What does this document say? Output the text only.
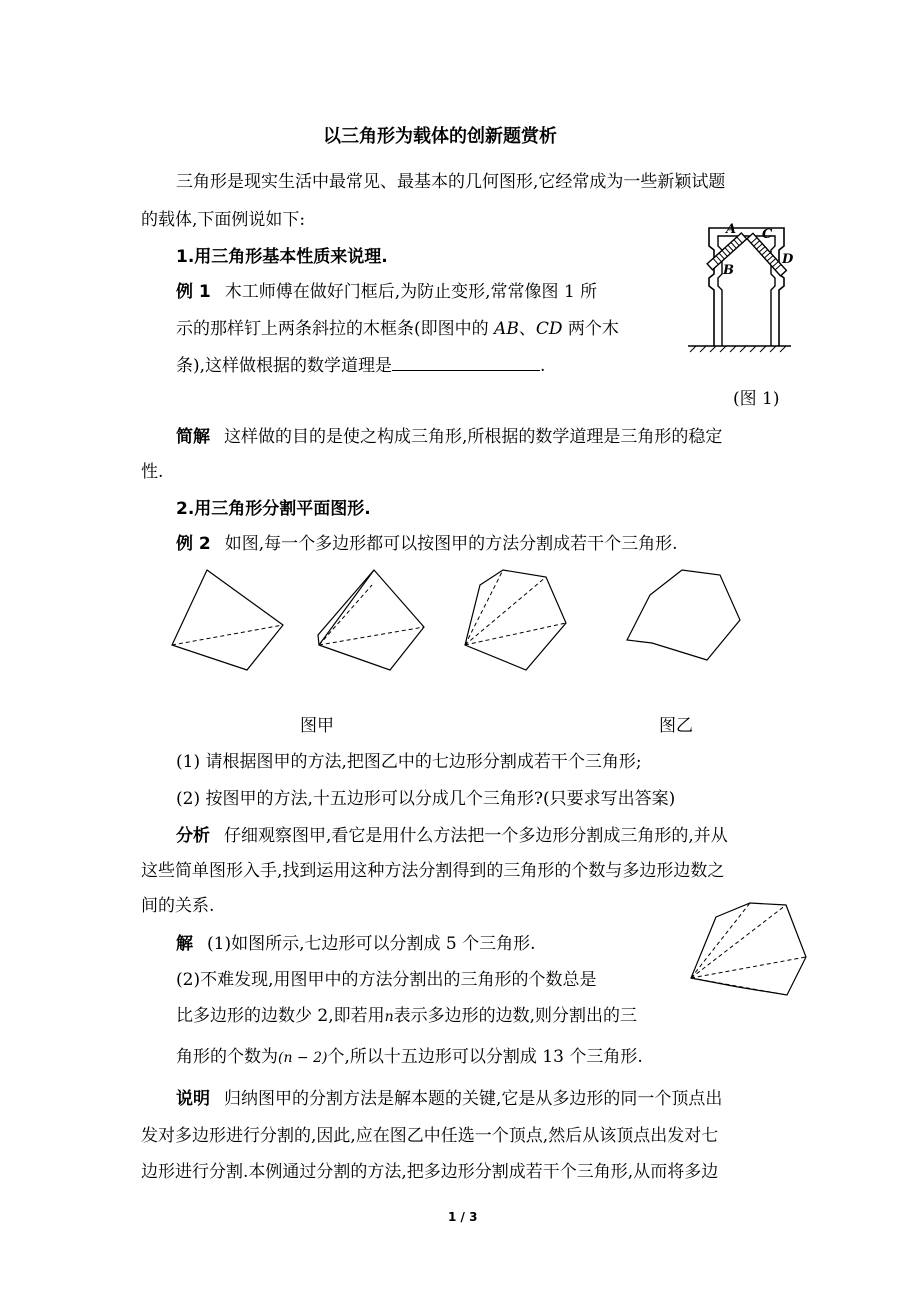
以三角形为载体的创新题赏析
三角形是现实生活中最常见、最基本的几何图形,它经常成为一些新颖试题
的载体,下面例说如下:
1.用三角形基本性质来说理.
例 1 木工师傅在做好门框后,为防止变形,常常像图 1 所
示的那样钉上两条斜拉的木框条(即图中的 AB、CD 两个木
条),这样做根据的数学道理是	.
A C
B
D
(图 1)
简解 这样做的目的是使之构成三角形,所根据的数学道理是三角形的稳定
性.
2.用三角形分割平面图形.
例 2 如图,每一个多边形都可以按图甲的方法分割成若干个三角形.
图甲	图乙
(1) 请根据图甲的方法,把图乙中的七边形分割成若干个三角形;
(2) 按图甲的方法,十五边形可以分成几个三角形?(只要求写出答案)
分析 仔细观察图甲,看它是用什么方法把一个多边形分割成三角形的,并从
这些简单图形入手,找到运用这种方法分割得到的三角形的个数与多边形边数之
间的关系.
解 (1)如图所示,七边形可以分割成 5 个三角形.
(2)不难发现,用图甲中的方法分割出的三角形的个数总是
比多边形的边数少 2,即若用n表示多边形的边数,则分割出的三
角形的个数为(n − 2)个,所以十五边形可以分割成 13 个三角形.
说明 归纳图甲的分割方法是解本题的关键,它是从多边形的同一个顶点出
发对多边形进行分割的,因此,应在图乙中任选一个顶点,然后从该顶点出发对七
边形进行分割.本例通过分割的方法,把多边形分割成若干个三角形,从而将多边
1 / 3
